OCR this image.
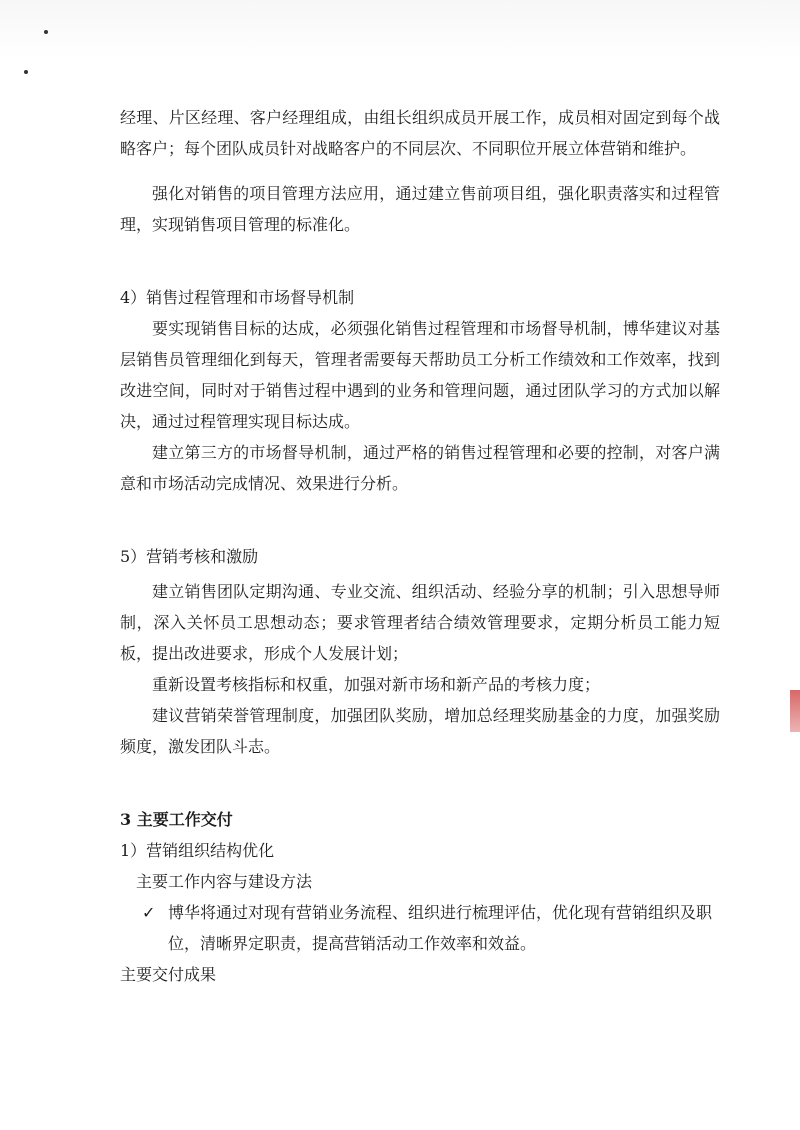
经理、片区经理、客户经理组成，由组长组织成员开展工作，成员相对固定到每个战略客户；每个团队成员针对战略客户的不同层次、不同职位开展立体营销和维护。

强化对销售的项目管理方法应用，通过建立售前项目组，强化职责落实和过程管理，实现销售项目管理的标准化。

4）销售过程管理和市场督导机制

要实现销售目标的达成，必须强化销售过程管理和市场督导机制，博华建议对基层销售员管理细化到每天，管理者需要每天帮助员工分析工作绩效和工作效率，找到改进空间，同时对于销售过程中遇到的业务和管理问题，通过团队学习的方式加以解决，通过过程管理实现目标达成。

建立第三方的市场督导机制，通过严格的销售过程管理和必要的控制，对客户满意和市场活动完成情况、效果进行分析。

5）营销考核和激励

建立销售团队定期沟通、专业交流、组织活动、经验分享的机制；引入思想导师制，深入关怀员工思想动态；要求管理者结合绩效管理要求，定期分析员工能力短板，提出改进要求，形成个人发展计划；

重新设置考核指标和权重，加强对新市场和新产品的考核力度；

建议营销荣誉管理制度，加强团队奖励，增加总经理奖励基金的力度，加强奖励频度，激发团队斗志。

3 主要工作交付

1）营销组织结构优化

主要工作内容与建设方法

✓ 博华将通过对现有营销业务流程、组织进行梳理评估，优化现有营销组织及职位，清晰界定职责，提高营销活动工作效率和效益。

主要交付成果
